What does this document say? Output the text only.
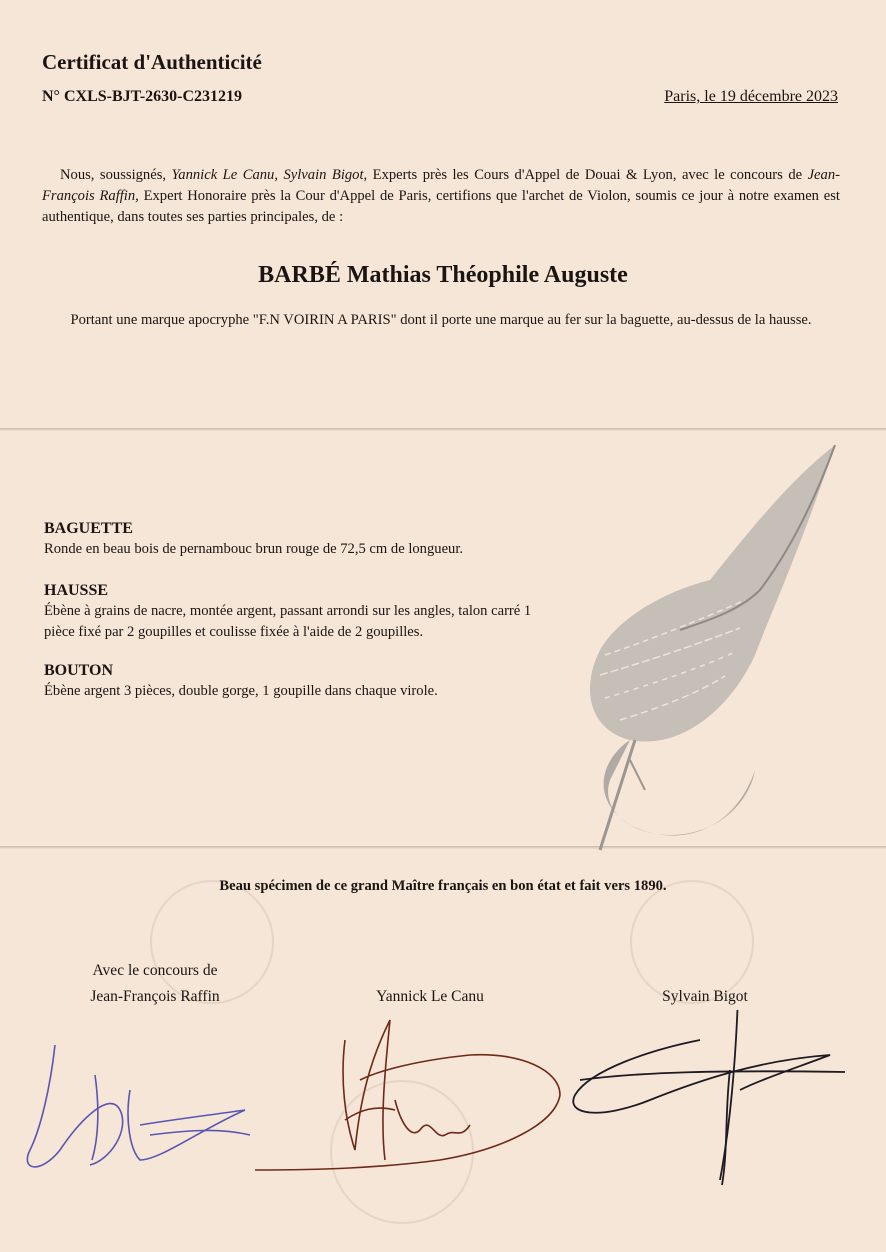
Certificat d'Authenticité
N° CXLS-BJT-2630-C231219	Paris, le 19 décembre 2023
Nous, soussignés, Yannick Le Canu, Sylvain Bigot, Experts près les Cours d'Appel de Douai & Lyon, avec le concours de Jean-François Raffin, Expert Honoraire près la Cour d'Appel de Paris, certifions que l'archet de Violon, soumis ce jour à notre examen est authentique, dans toutes ses parties principales, de :
BARBÉ Mathias Théophile Auguste
Portant une marque apocryphe "F.N VOIRIN A PARIS" dont il porte une marque au fer sur la baguette, au-dessus de la hausse.
BAGUETTE

Ronde en beau bois de pernambouc brun rouge de 72,5 cm de longueur.

HAUSSE

Ébène à grains de nacre, montée argent, passant arrondi sur les angles, talon carré 1 pièce fixé par 2 goupilles et coulisse fixée à l'aide de 2 goupilles.

BOUTON

Ébène argent 3 pièces, double gorge, 1 goupille dans chaque virole.

Beau spécimen de ce grand Maître français en bon état et fait vers 1890.
Avec le concours de
Jean-François Raffin	Yannick Le Canu	Sylvain Bigot
